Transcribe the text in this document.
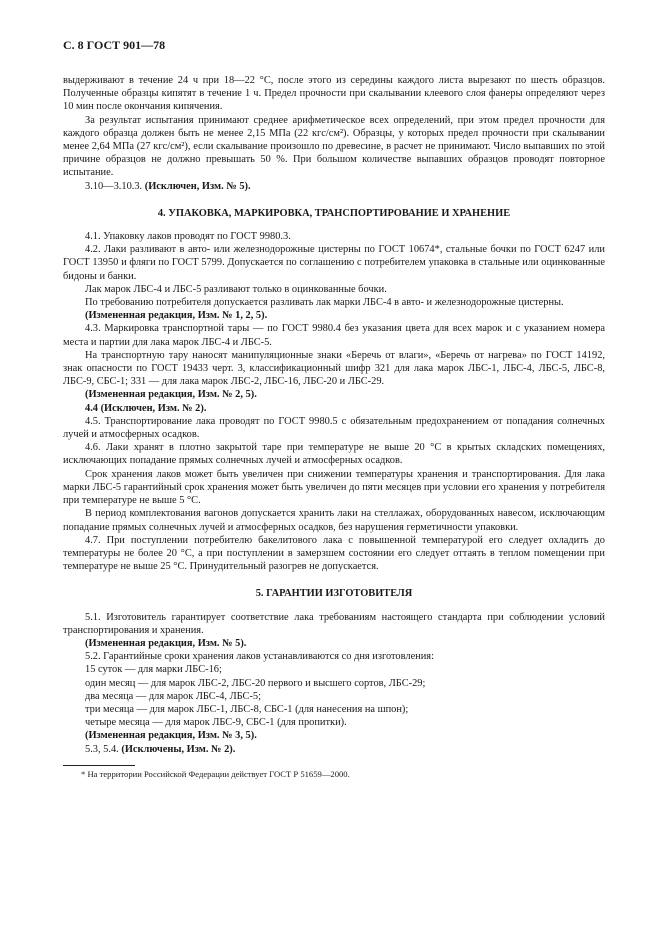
С. 8 ГОСТ 901—78

выдерживают в течение 24 ч при 18—22 °С, после этого из середины каждого листа вырезают по шесть образцов. Полученные образцы кипятят в течение 1 ч. Предел прочности при скалывании клеевого слоя фанеры определяют через 10 мин после окончания кипячения.

За результат испытания принимают среднее арифметическое всех определений, при этом предел прочности для каждого образца должен быть не менее 2,15 МПа (22 кгс/см²). Образцы, у которых предел прочности при скалывании менее 2,64 МПа (27 кгс/см²), если скалывание произошло по древесине, в расчет не принимают. Число выпавших по этой причине образцов не должно превышать 50 %. При большом количестве выпавших образцов проводят повторное испытание.

3.10—3.10.3. (Исключен, Изм. № 5).

4. УПАКОВКА, МАРКИРОВКА, ТРАНСПОРТИРОВАНИЕ И ХРАНЕНИЕ

4.1. Упаковку лаков проводят по ГОСТ 9980.3.

4.2. Лаки разливают в авто- или железнодорожные цистерны по ГОСТ 10674*, стальные бочки по ГОСТ 6247 или ГОСТ 13950 и фляги по ГОСТ 5799. Допускается по соглашению с потребителем упаковка в стальные или оцинкованные бидоны и банки.

Лак марок ЛБС-4 и ЛБС-5 разливают только в оцинкованные бочки.

По требованию потребителя допускается разливать лак марки ЛБС-4 в авто- и железнодорожные цистерны.

(Измененная редакция, Изм. № 1, 2, 5).

4.3. Маркировка транспортной тары — по ГОСТ 9980.4 без указания цвета для всех марок и с указанием номера места и партии для лака марок ЛБС-4 и ЛБС-5.

На транспортную тару наносят манипуляционные знаки «Беречь от влаги», «Беречь от нагрева» по ГОСТ 14192, знак опасности по ГОСТ 19433 черт. 3, классификационный шифр 321 для лака марок ЛБС-1, ЛБС-4, ЛБС-5, ЛБС-8, ЛБС-9, СБС-1; 331 — для лака марок ЛБС-2, ЛБС-16, ЛБС-20 и ЛБС-29.

(Измененная редакция, Изм. № 2, 5).

4.4 (Исключен, Изм. № 2).

4.5. Транспортирование лака проводят по ГОСТ 9980.5 с обязательным предохранением от попадания солнечных лучей и атмосферных осадков.

4.6. Лаки хранят в плотно закрытой таре при температуре не выше 20 °С в крытых складских помещениях, исключающих попадание прямых солнечных лучей и атмосферных осадков.

Срок хранения лаков может быть увеличен при снижении температуры хранения и транспортирования. Для лака марки ЛБС-5 гарантийный срок хранения может быть увеличен до пяти месяцев при условии его хранения у потребителя при температуре не выше 5 °С.

В период комплектования вагонов допускается хранить лаки на стеллажах, оборудованных навесом, исключающим попадание прямых солнечных лучей и атмосферных осадков, без нарушения герметичности упаковки.

4.7. При поступлении потребителю бакелитового лака с повышенной температурой его следует охладить до температуры не более 20 °С, а при поступлении в замерзшем состоянии его следует оттаять в теплом помещении при температуре не выше 25 °С. Принудительный разогрев не допускается.

5. ГАРАНТИИ ИЗГОТОВИТЕЛЯ

5.1. Изготовитель гарантирует соответствие лака требованиям настоящего стандарта при соблюдении условий транспортирования и хранения.

(Измененная редакция, Изм. № 5).

5.2. Гарантийные сроки хранения лаков устанавливаются со дня изготовления:

15 суток — для марки ЛБС-16;

один месяц — для марок ЛБС-2, ЛБС-20 первого и высшего сортов, ЛБС-29;

два месяца — для марок ЛБС-4, ЛБС-5;

три месяца — для марок ЛБС-1, ЛБС-8, СБС-1 (для нанесения на шпон);

четыре месяца — для марок ЛБС-9, СБС-1 (для пропитки).

(Измененная редакция, Изм. № 3, 5).

5.3, 5.4. (Исключены, Изм. № 2).

* На территории Российской Федерации действует ГОСТ Р 51659—2000.
